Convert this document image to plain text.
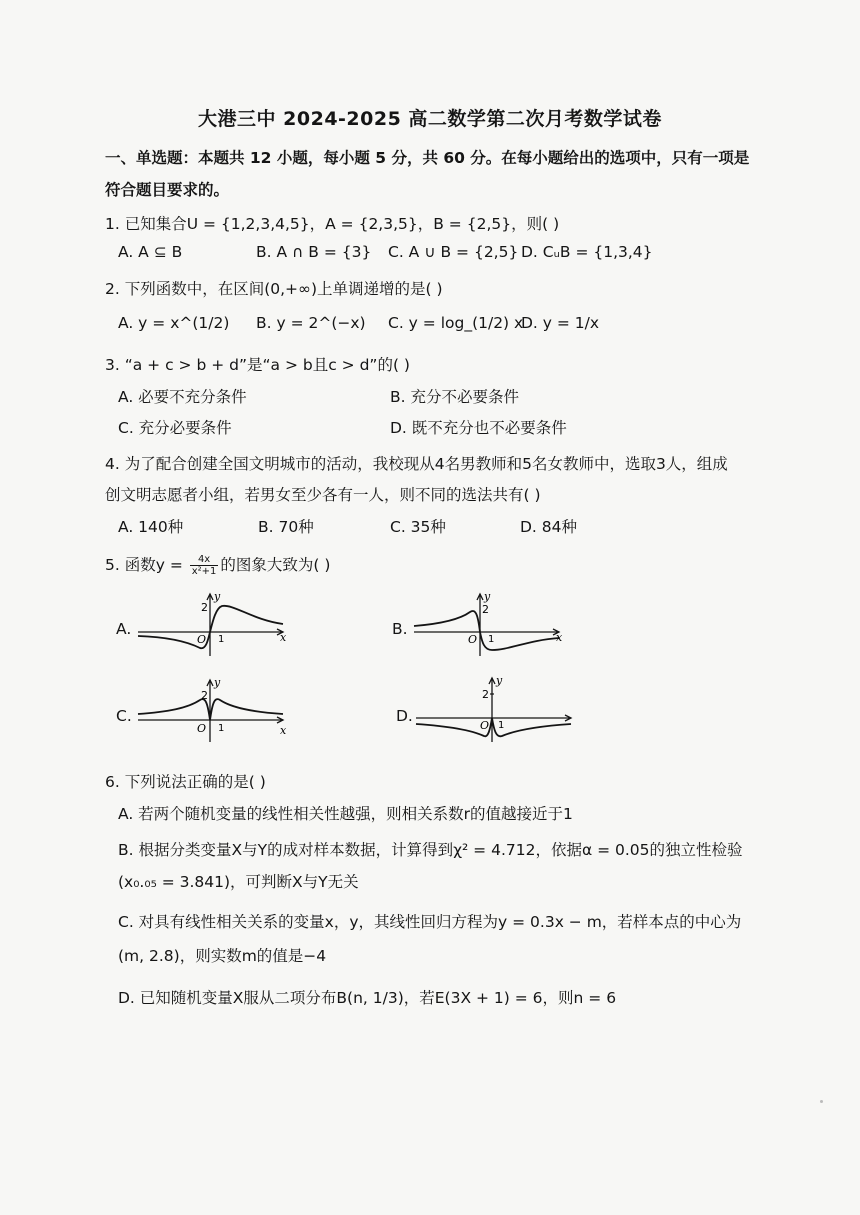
大港三中 2024-2025 高二数学第二次月考数学试卷
一、单选题：本题共 12 小题，每小题 5 分，共 60 分。在每小题给出的选项中，只有一项是
符合题目要求的。
1. 已知集合U = {1,2,3,4,5}，A = {2,3,5}，B = {2,5}，则( )
A. A ⊆ B	B. A ∩ B = {3} C. A ∪ B = {2,5} D. CᵤB = {1,3,4}
2. 下列函数中，在区间(0,+∞)上单调递增的是( )
A. y = x^(1/2) B. y = 2^(−x) C. y = log_(1/2) x
D. y = 1/x
3. “a + c > b + d”是“a > b且c > d”的( )
A. 必要不充分条件	B. 充分不必要条件
C. 充分必要条件	D. 既不充分也不必要条件
4. 为了配合创建全国文明城市的活动，我校现从4名男教师和5名女教师中，选取3人，组成
创文明志愿者小组，若男女至少各有一人，则不同的选法共有( )
A. 140种	B. 70种	C. 35种	D. 84种
5. 函数$y = \frac{4x}{\text{x²+1}}$ 的图象大致为( )
A.	B.
C.	D.
y
2
O 1	x
y
2
O 1	x
y
2
O 1	x
y
2
O 1
6. 下列说法正确的是( )
A. 若两个随机变量的线性相关性越强，则相关系数r的值越接近于1
B. 根据分类变量X与Y的成对样本数据，计算得到χ² = 4.712，依据α = 0.05的独立性检验
(x₀.₀₅ = 3.841)，可判断X与Y无关
C. 对具有线性相关关系的变量x，y，其线性回归方程为y = 0.3x − m，若样本点的中心为
(m, 2.8)，则实数m的值是−4
D. 已知随机变量X服从二项分布B(n, 1/3)，若E(3X + 1) = 6，则n = 6
